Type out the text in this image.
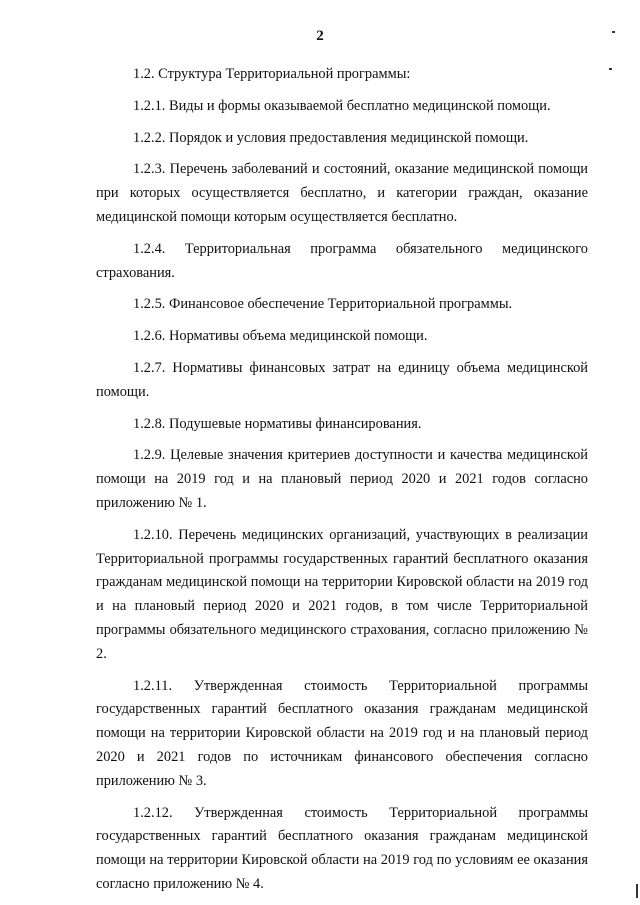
2

1.2. Структура Территориальной программы:

1.2.1. Виды и формы оказываемой бесплатно медицинской помощи.

1.2.2. Порядок и условия предоставления медицинской помощи.

1.2.3. Перечень заболеваний и состояний, оказание медицинской помощи при которых осуществляется бесплатно, и категории граждан, оказание медицинской помощи которым осуществляется бесплатно.

1.2.4. Территориальная программа обязательного медицинского страхования.

1.2.5. Финансовое обеспечение Территориальной программы.

1.2.6. Нормативы объема медицинской помощи.

1.2.7. Нормативы финансовых затрат на единицу объема медицинской помощи.

1.2.8. Подушевые нормативы финансирования.

1.2.9. Целевые значения критериев доступности и качества медицинской помощи на 2019 год и на плановый период 2020 и 2021 годов согласно приложению № 1.

1.2.10. Перечень медицинских организаций, участвующих в реализации Территориальной программы государственных гарантий бесплатного оказания гражданам медицинской помощи на территории Кировской области на 2019 год и на плановый период 2020 и 2021 годов, в том числе Территориальной программы обязательного медицинского страхования, согласно приложению № 2.

1.2.11. Утвержденная стоимость Территориальной программы государственных гарантий бесплатного оказания гражданам медицинской помощи на территории Кировской области на 2019 год и на плановый период 2020 и 2021 годов по источникам финансового обеспечения согласно приложению № 3.

1.2.12. Утвержденная стоимость Территориальной программы государственных гарантий бесплатного оказания гражданам медицинской помощи на территории Кировской области на 2019 год по условиям ее оказания согласно приложению № 4.
